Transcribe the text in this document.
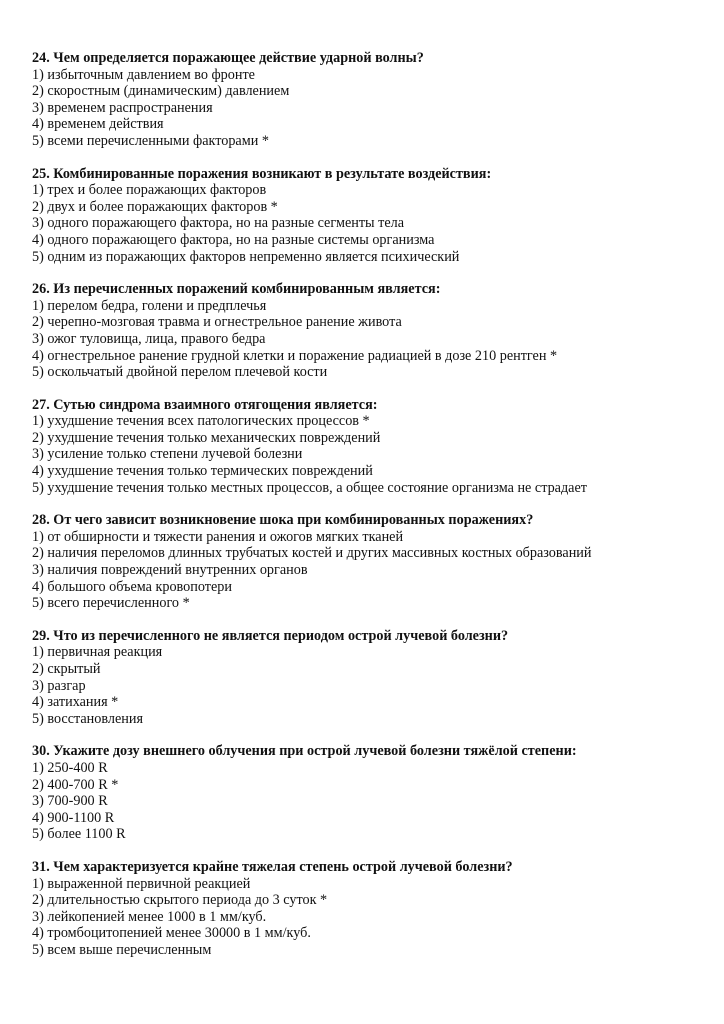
24. Чем определяется поражающее действие ударной волны?
1) избыточным давлением во фронте
2) скоростным (динамическим) давлением
3) временем распространения
4) временем действия
5) всеми перечисленными факторами *
25. Комбинированные поражения возникают в результате воздействия:
1) трех и более поражающих факторов
2) двух и более поражающих факторов *
3) одного поражающего фактора, но на разные сегменты тела
4) одного поражающего фактора, но на разные системы организма
5) одним из поражающих факторов непременно является психический
26. Из перечисленных поражений комбинированным является:
1) перелом бедра, голени и предплечья
2) черепно-мозговая травма и огнестрельное ранение живота
3) ожог туловища, лица, правого бедра
4) огнестрельное ранение грудной клетки и поражение радиацией в дозе 210 рентген *
5) оскольчатый двойной перелом плечевой кости
27. Сутью синдрома взаимного отягощения является:
1) ухудшение течения всех патологических процессов *
2) ухудшение течения только механических повреждений
3) усиление только степени лучевой болезни
4) ухудшение течения только термических повреждений
5) ухудшение течения только местных процессов, а общее состояние организма не страдает
28. От чего зависит возникновение шока при комбинированных поражениях?
1) от обширности и тяжести ранения и ожогов мягких тканей
2) наличия переломов длинных трубчатых костей и других массивных костных образований
3) наличия повреждений внутренних органов
4) большого объема кровопотери
5) всего перечисленного *
29. Что из перечисленного не является периодом острой лучевой болезни?
1) первичная реакция
2) скрытый
3) разгар
4) затихания *
5) восстановления
30. Укажите дозу внешнего облучения при острой лучевой болезни тяжёлой степени:
1) 250-400 R
2) 400-700 R *
3) 700-900 R
4) 900-1100 R
5) более 1100 R
31. Чем характеризуется крайне тяжелая степень острой лучевой болезни?
1) выраженной первичной реакцией
2) длительностью скрытого периода до 3 суток *
3) лейкопенией менее 1000 в 1 мм/куб.
4) тромбоцитопенией менее 30000 в 1 мм/куб.
5) всем выше перечисленным
